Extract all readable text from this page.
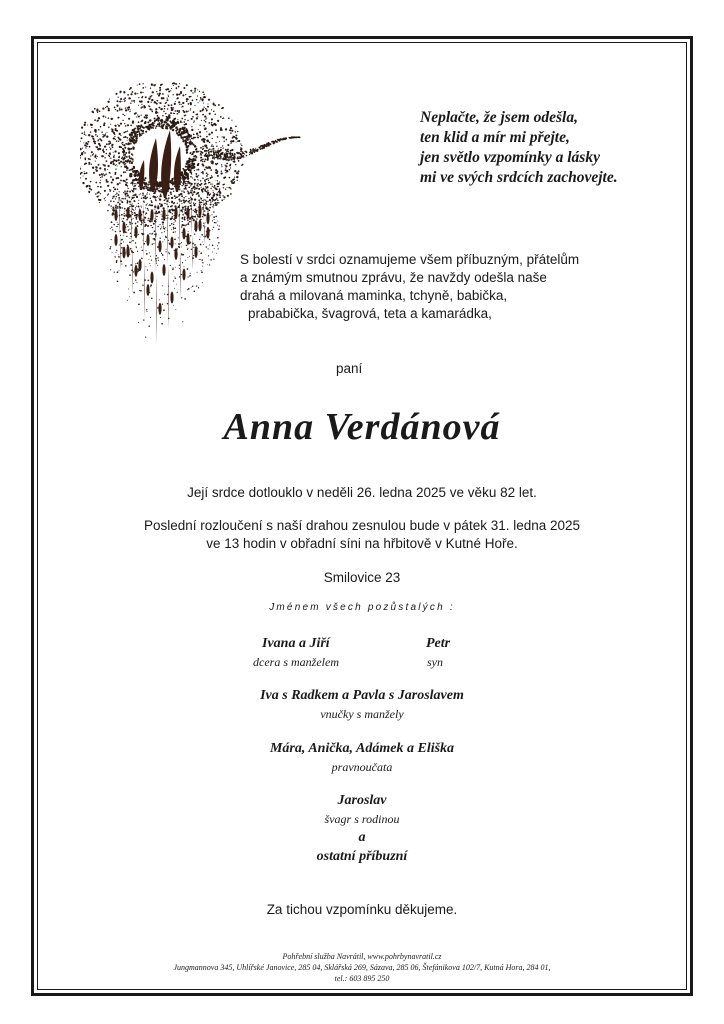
Neplačte, že jsem odešla,
ten klid a mír mi přejte,
jen světlo vzpomínky a lásky
mi ve svých srdcích zachovejte.
S bolestí v srdci oznamujeme všem příbuzným, přátelům
a známým smutnou zprávu, že navždy odešla naše
drahá a milovaná maminka, tchyně, babička,
prababička, švagrová, teta a kamarádka,
paní
Anna Verdánová
Její srdce dotlouklo v neděli 26. ledna 2025 ve věku 82 let.
Poslední rozloučení s naší drahou zesnulou bude v pátek 31. ledna 2025
ve 13 hodin v obřadní síni na hřbitově v Kutné Hoře.
Smilovice 23
Jménem všech pozůstalých :
Ivana a Jiří
dcera s manželem
Petr
syn
Iva s Radkem a Pavla s Jaroslavem
vnučky s manžely
Mára, Anička, Adámek a Eliška
pravnoučata
Jaroslav
švagr s rodinou
a
ostatní příbuzní
Za tichou vzpomínku děkujeme.
Pohřební služba Navrátil, www.pohrbynavratil.cz
Jungmannova 345, Uhlířské Janovice, 285 04, Sklářská 269, Sázava, 285 06, Štefánikova 102/7, Kutná Hora, 284 01,
tel.: 603 895 250
